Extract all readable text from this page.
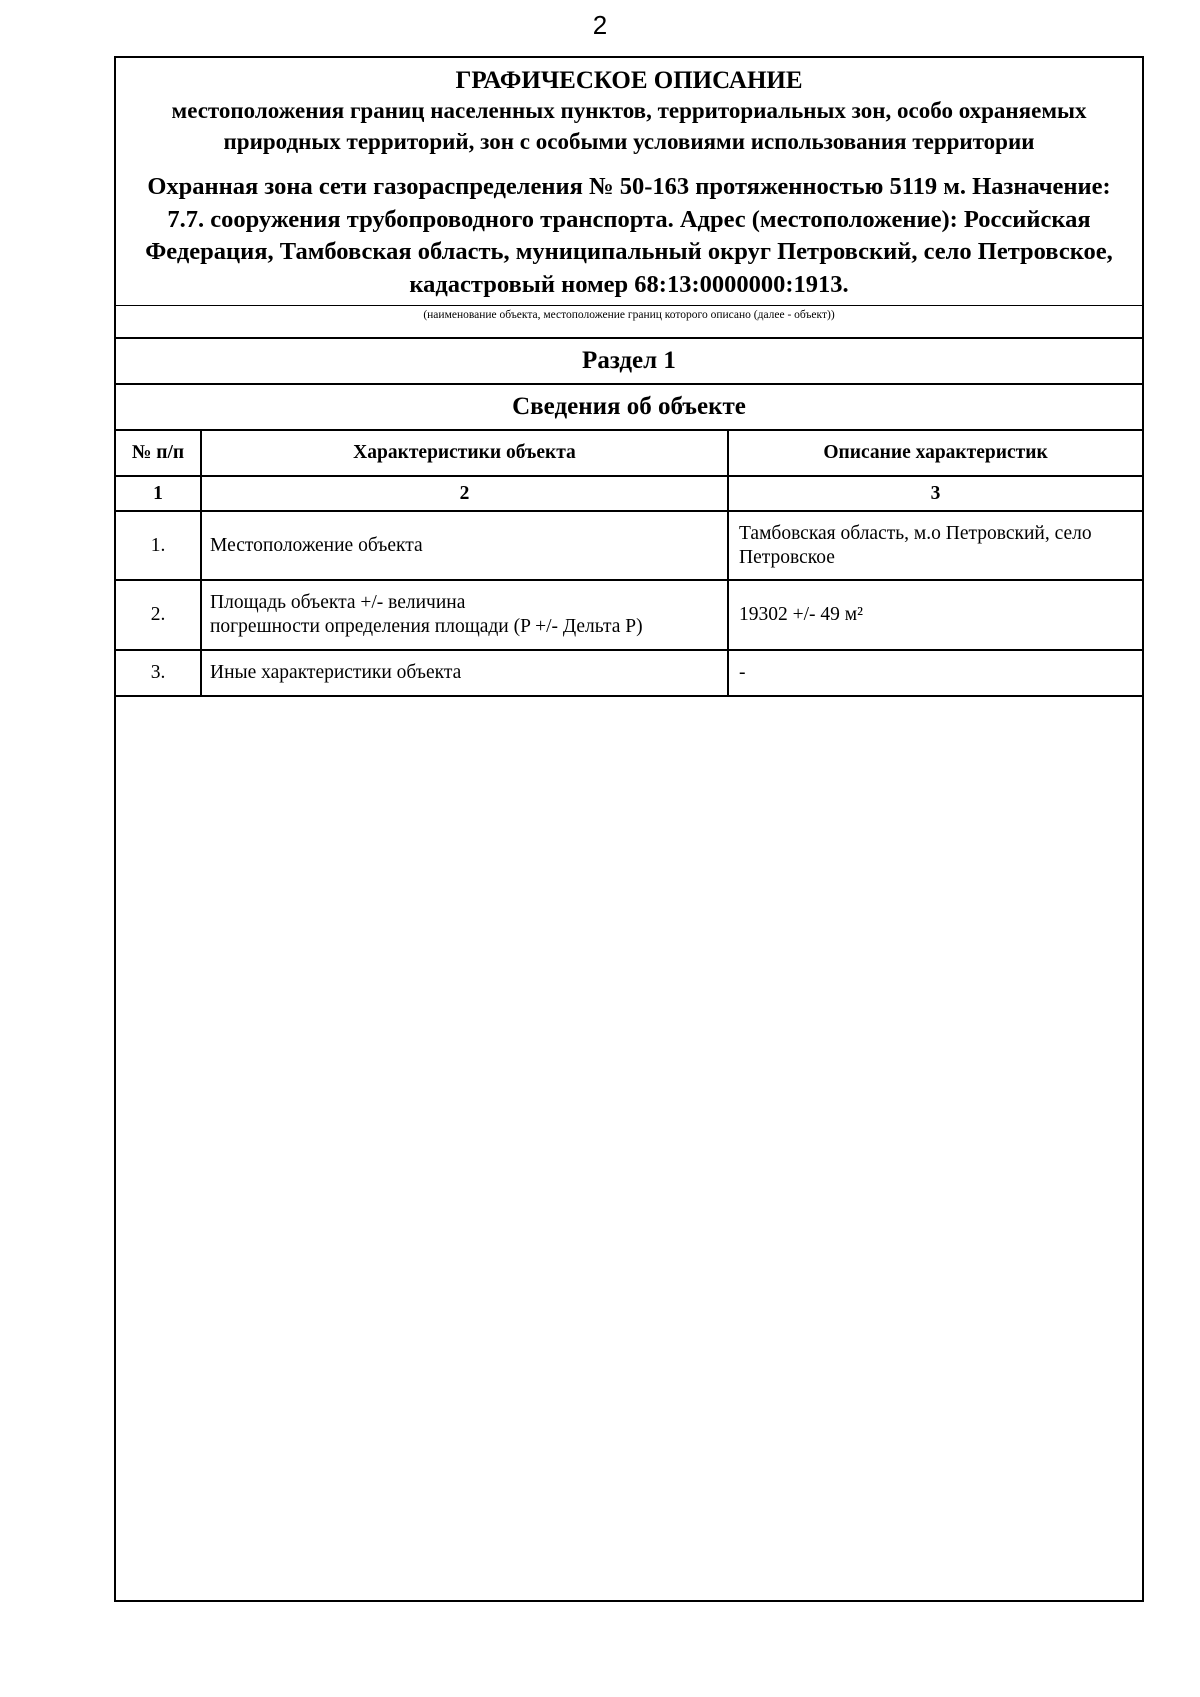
2
ГРАФИЧЕСКОЕ ОПИСАНИЕ
местоположения границ населенных пунктов, территориальных зон, особо охраняемых природных территорий, зон с особыми условиями использования территории
Охранная зона сети газораспределения № 50-163 протяженностью 5119 м. Назначение: 7.7. сооружения трубопроводного транспорта. Адрес (местоположение): Российская Федерация, Тамбовская область, муниципальный округ Петровский, село Петровское, кадастровый номер 68:13:0000000:1913.
(наименование объекта, местоположение границ которого описано (далее - объект))
Раздел 1
Сведения об объекте
№ п/п	Характеристики объекта	Описание характеристик
1	2	3
1.	Местоположение объекта	Тамбовская область, м.о Петровский, село Петровское
2.	Площадь объекта +/- величина
погрешности определения площади (P +/- Дельта P)	19302 +/- 49 м²
3.	Иные характеристики объекта	-
